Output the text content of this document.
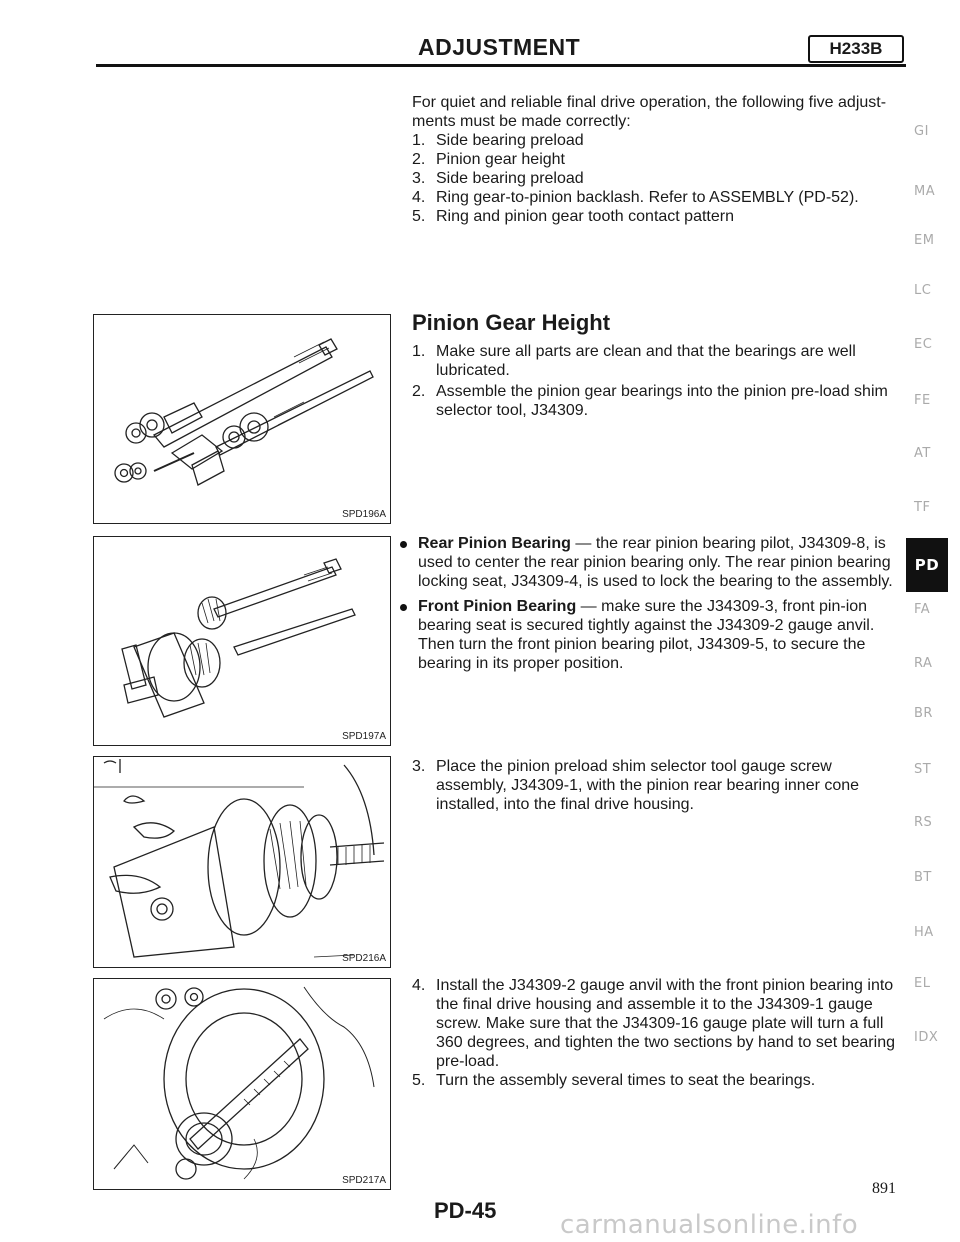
ADJUSTMENT	H233B
For quiet and reliable final drive operation, the following five adjust-ments must be made correctly:
1. Side bearing preload
2. Pinion gear height
3. Side bearing preload
4. Ring gear-to-pinion backlash. Refer to ASSEMBLY (PD-52).
5. Ring and pinion gear tooth contact pattern
Pinion Gear Height
1. Make sure all parts are clean and that the bearings are well lubricated.
2. Assemble the pinion gear bearings into the pinion pre-load shim selector tool, J34309.
Rear Pinion Bearing — the rear pinion bearing pilot, J34309-8, is used to center the rear pinion bearing only. The rear pinion bearing locking seat, J34309-4, is used to lock the bearing to the assembly.
Front Pinion Bearing — make sure the J34309-3, front pin-ion bearing seat is secured tightly against the J34309-2 gauge anvil. Then turn the front pinion bearing pilot, J34309-5, to secure the bearing in its proper position.
3. Place the pinion preload shim selector tool gauge screw assembly, J34309-1, with the pinion rear bearing inner cone installed, into the final drive housing.
4. Install the J34309-2 gauge anvil with the front pinion bearing into the final drive housing and assemble it to the J34309-1 gauge screw. Make sure that the J34309-16 gauge plate will turn a full 360 degrees, and tighten the two sections by hand to set bearing pre-load.
5. Turn the assembly several times to seat the bearings.
SPD196A
SPD197A
SPD216A
SPD217A
GI
MA
EM
LC
EC
FE
AT
TF
PD
FA
RA
BR
ST
RS
BT
HA
EL
IDX
PD-45
891
carmanualsonline.info
